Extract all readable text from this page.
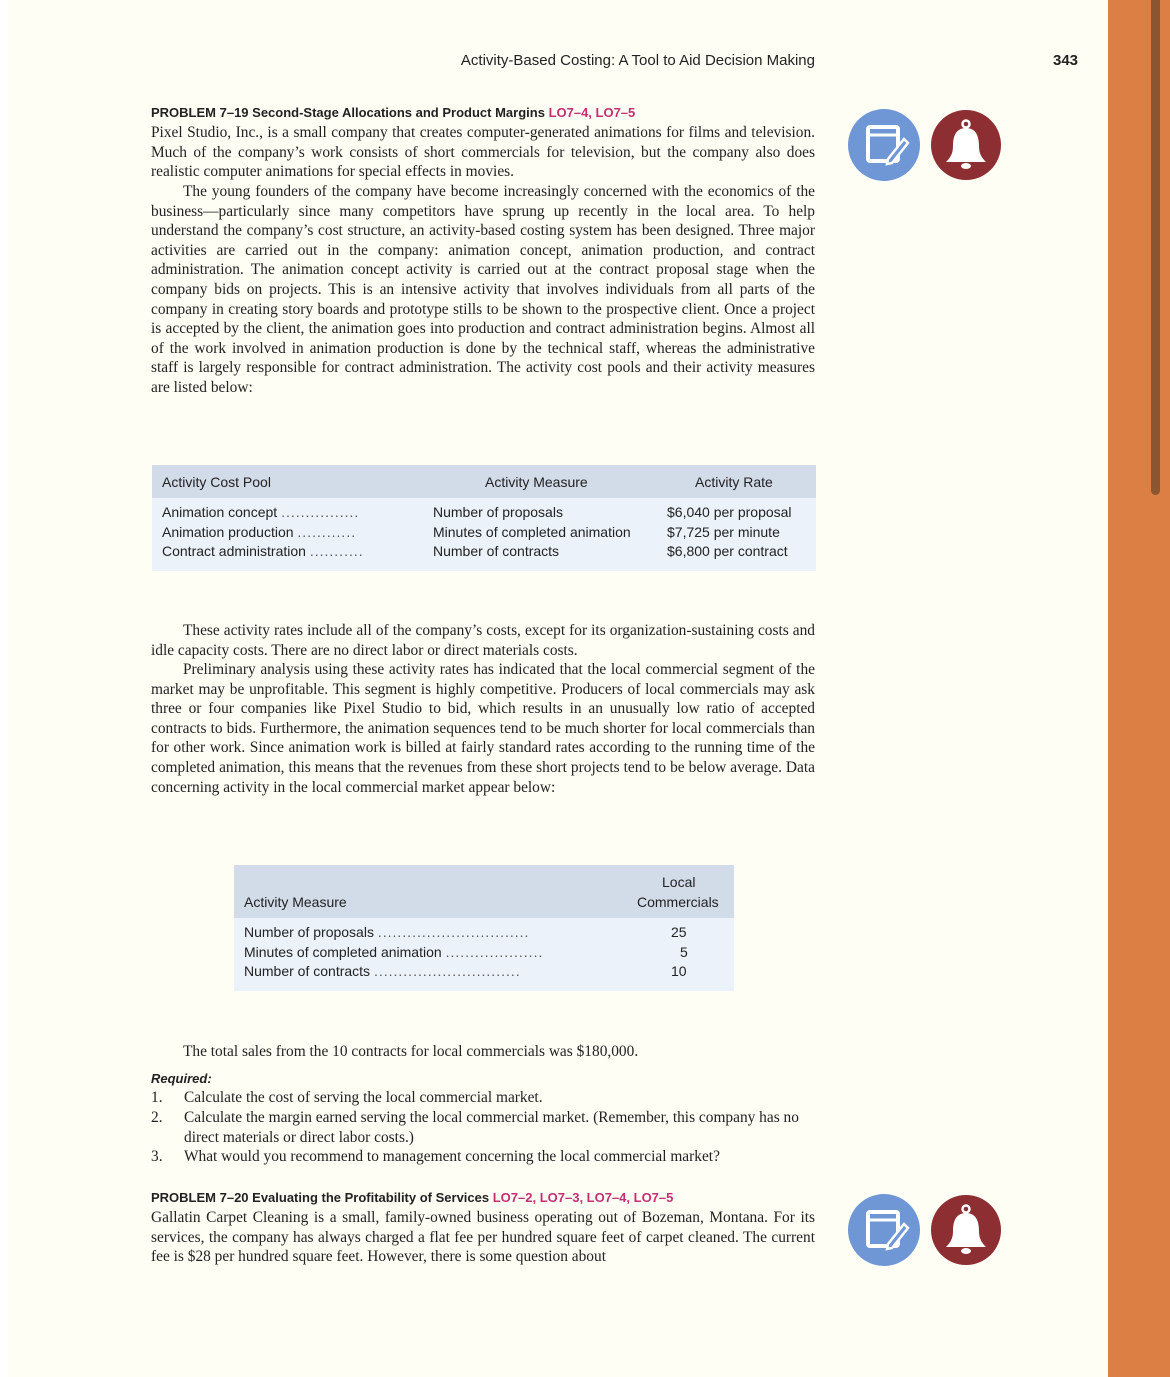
Activity-Based Costing: A Tool to Aid Decision Making	343
PROBLEM 7–19 Second-Stage Allocations and Product Margins LO7–4, LO7–5

Pixel Studio, Inc., is a small company that creates computer-generated animations for films and television. Much of the company’s work consists of short commercials for television, but the company also does realistic computer animations for special effects in movies.

The young founders of the company have become increasingly concerned with the economics of the business—particularly since many competitors have sprung up recently in the local area. To help understand the company’s cost structure, an activity-based costing system has been designed. Three major activities are carried out in the company: animation concept, animation production, and contract administration. The animation concept activity is carried out at the contract proposal stage when the company bids on projects. This is an intensive activity that involves individuals from all parts of the company in creating story boards and prototype stills to be shown to the prospective client. Once a project is accepted by the client, the animation goes into production and contract administration begins. Almost all of the work involved in animation production is done by the technical staff, whereas the administrative staff is largely responsible for contract administration. The activity cost pools and their activity measures are listed below:

Activity Cost Pool	Activity Measure	Activity Rate
Animation concept ................	Number of proposals	$6,040 per proposal
Animation production ............	Minutes of completed animation	$7,725 per minute
Contract administration ...........	Number of contracts	$6,800 per contract

These activity rates include all of the company’s costs, except for its organization-sustaining costs and idle capacity costs. There are no direct labor or direct materials costs.

Preliminary analysis using these activity rates has indicated that the local commercial segment of the market may be unprofitable. This segment is highly competitive. Producers of local commercials may ask three or four companies like Pixel Studio to bid, which results in an unusually low ratio of accepted contracts to bids. Furthermore, the animation sequences tend to be much shorter for local commercials than for other work. Since animation work is billed at fairly standard rates according to the running time of the completed animation, this means that the revenues from these short projects tend to be below average. Data concerning activity in the local commercial market appear below:

Activity Measure
Local
Commercials
Number of proposals ...............................	25
Minutes of completed animation ....................	5
Number of contracts ..............................	10

The total sales from the 10 contracts for local commercials was $180,000.

Required:
1. Calculate the cost of serving the local commercial market.
2. Calculate the margin earned serving the local commercial market. (Remember, this company has no direct materials or direct labor costs.)
3. What would you recommend to management concerning the local commercial market?
PROBLEM 7–20 Evaluating the Profitability of Services LO7–2, LO7–3, LO7–4, LO7–5

Gallatin Carpet Cleaning is a small, family-owned business operating out of Bozeman, Montana. For its services, the company has always charged a flat fee per hundred square feet of carpet cleaned. The current fee is $28 per hundred square feet. However, there is some question about
